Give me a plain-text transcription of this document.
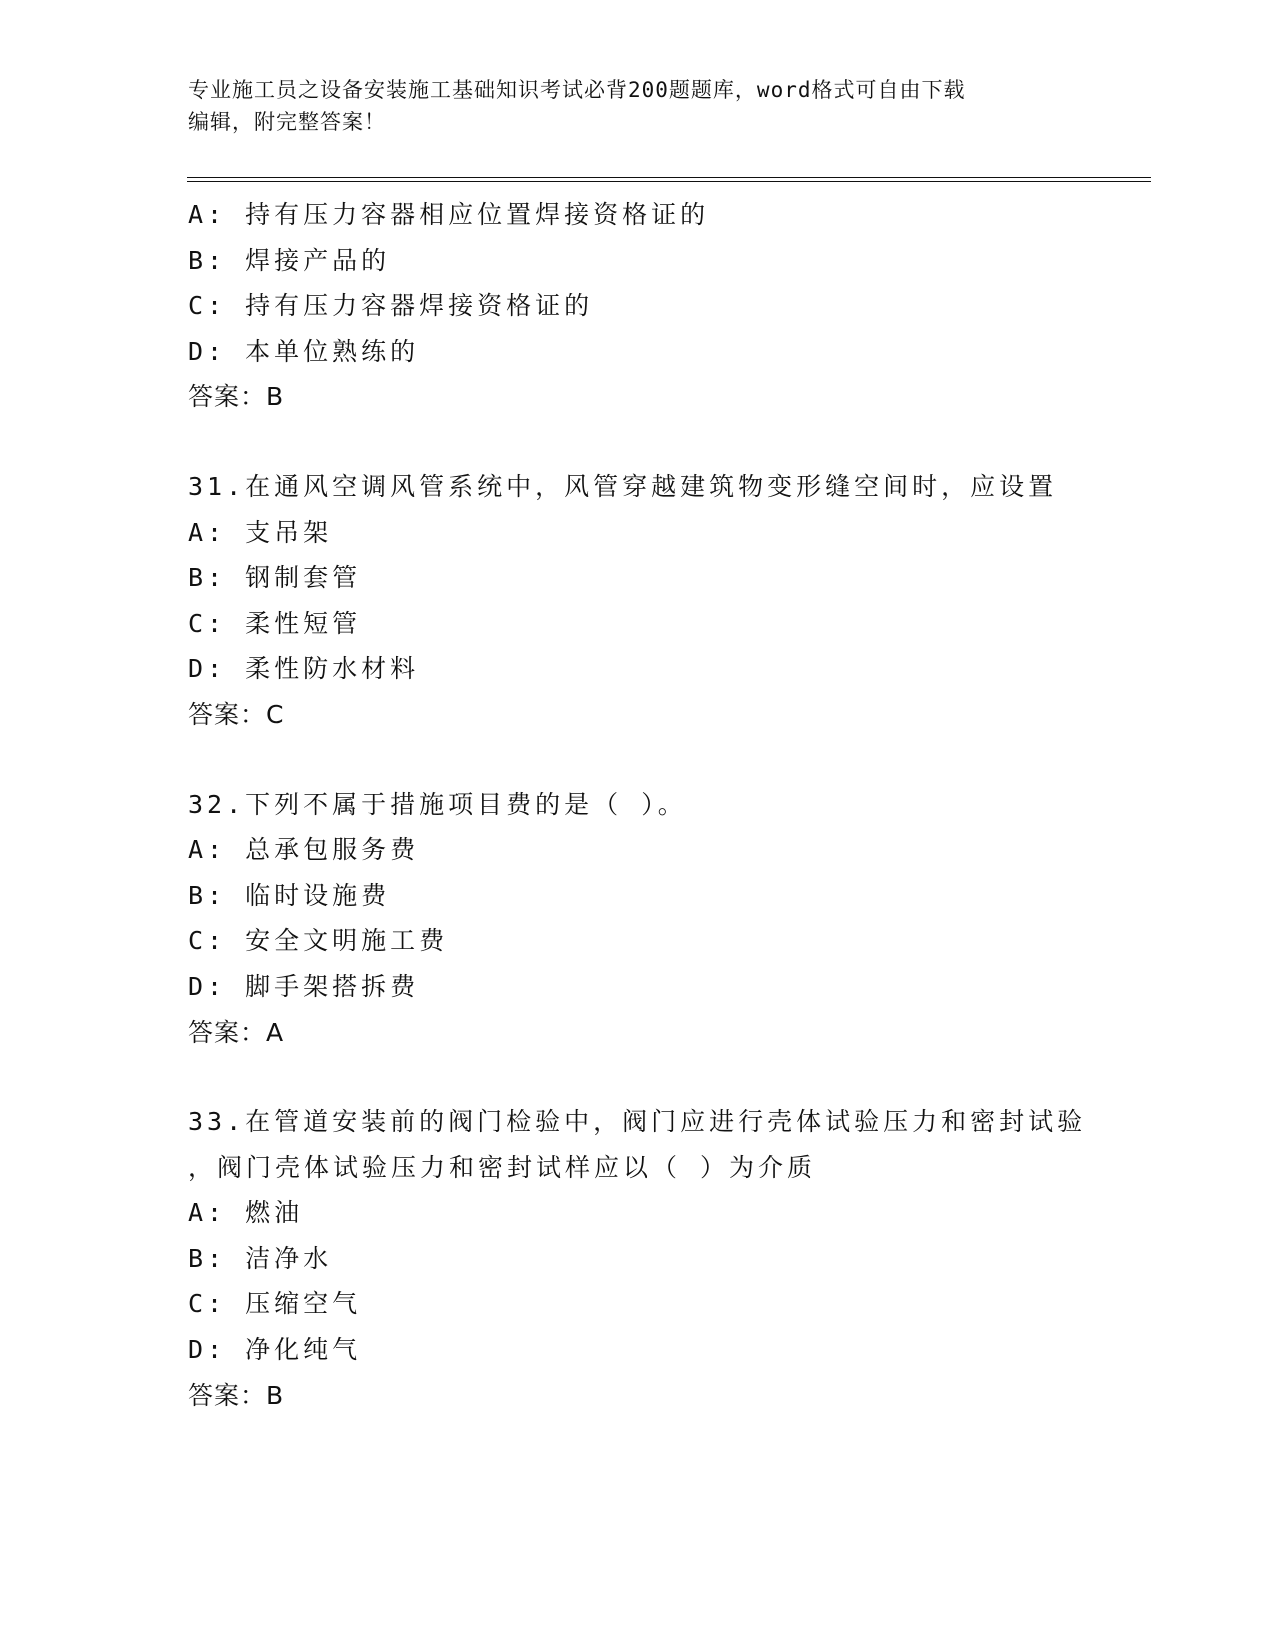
专业施工员之设备安装施工基础知识考试必背200题题库，word格式可自由下载
编辑，附完整答案！
A: 持有压力容器相应位置焊接资格证的
B: 焊接产品的
C: 持有压力容器焊接资格证的
D: 本单位熟练的
答案：B
31.在通风空调风管系统中，风管穿越建筑物变形缝空间时，应设置
A: 支吊架
B: 钢制套管
C: 柔性短管
D: 柔性防水材料
答案：C
32.下列不属于措施项目费的是（ ）。
A: 总承包服务费
B: 临时设施费
C: 安全文明施工费
D: 脚手架搭拆费
答案：A
33.在管道安装前的阀门检验中，阀门应进行壳体试验压力和密封试验
，阀门壳体试验压力和密封试样应以（ ）为介质
A: 燃油
B: 洁净水
C: 压缩空气
D: 净化纯气
答案：B
